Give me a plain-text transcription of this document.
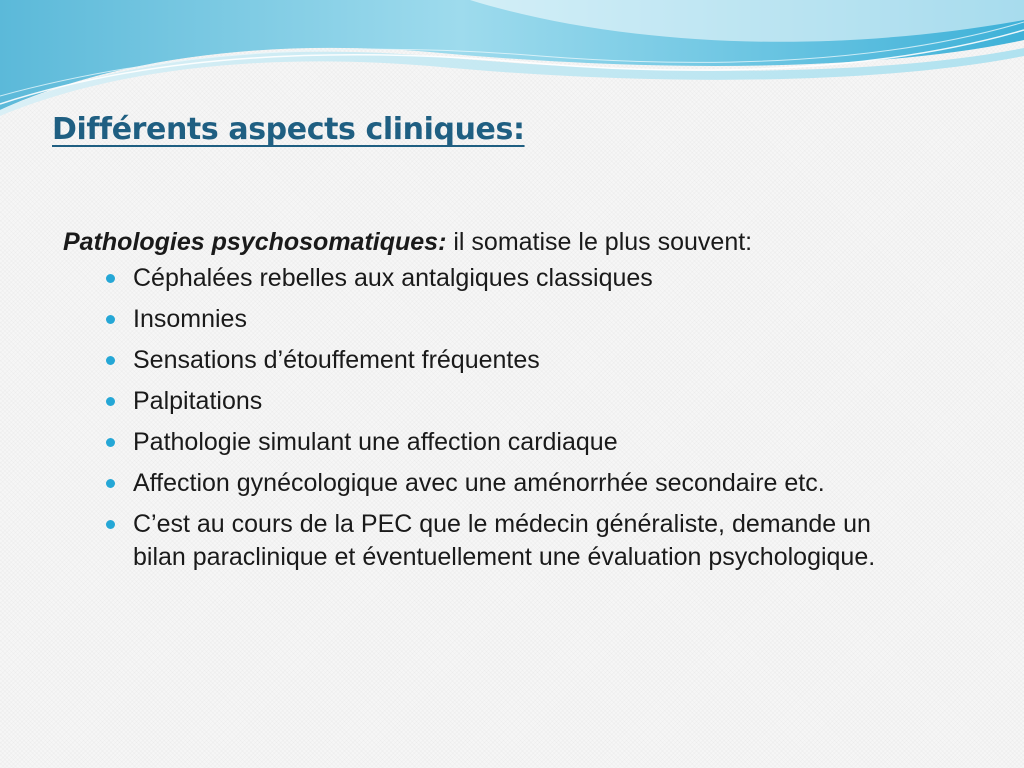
Différents aspects cliniques:

Pathologies psychosomatiques: il somatise le plus souvent:

Céphalées rebelles aux antalgiques classiques
Insomnies
Sensations d’étouffement fréquentes
Palpitations
Pathologie simulant une affection cardiaque
Affection gynécologique avec une aménorrhée secondaire etc.
C’est au cours de la PEC que le médecin généraliste, demande un bilan paraclinique et éventuellement une évaluation psychologique.
